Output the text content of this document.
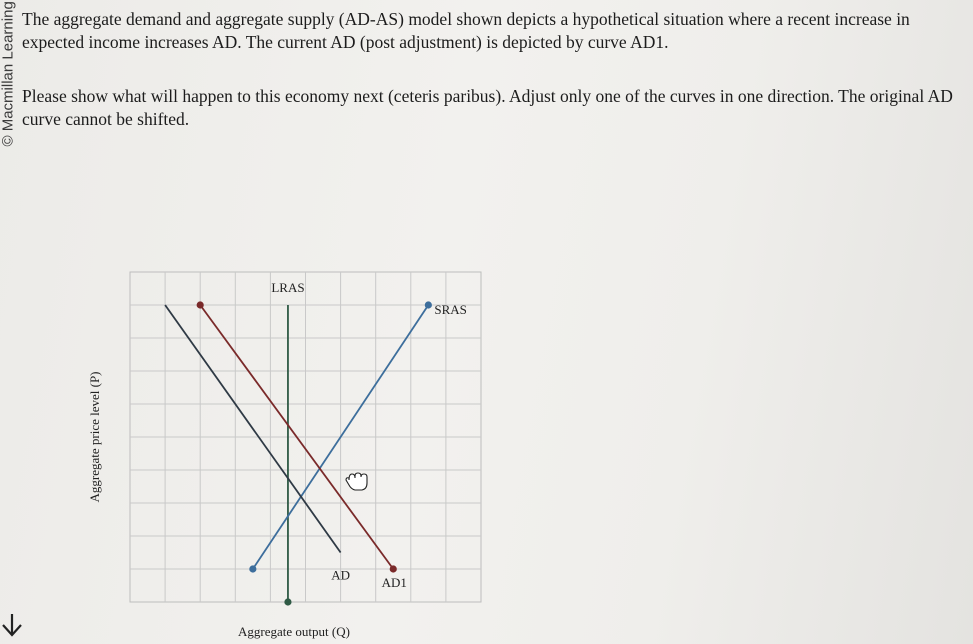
© Macmillan Learning The aggregate demand and aggregate supply (AD-AS) model shown depicts a hypothetical situation where a recent increase in expected income increases AD. The current AD (post adjustment) is depicted by curve AD1.

Please show what will happen to this economy next (ceteris paribus). Adjust only one of the curves in one direction. The original AD curve cannot be shifted.

LRAS
SRAS
AD AD1
Aggregate output (Q)
Aggregate price level (P)
